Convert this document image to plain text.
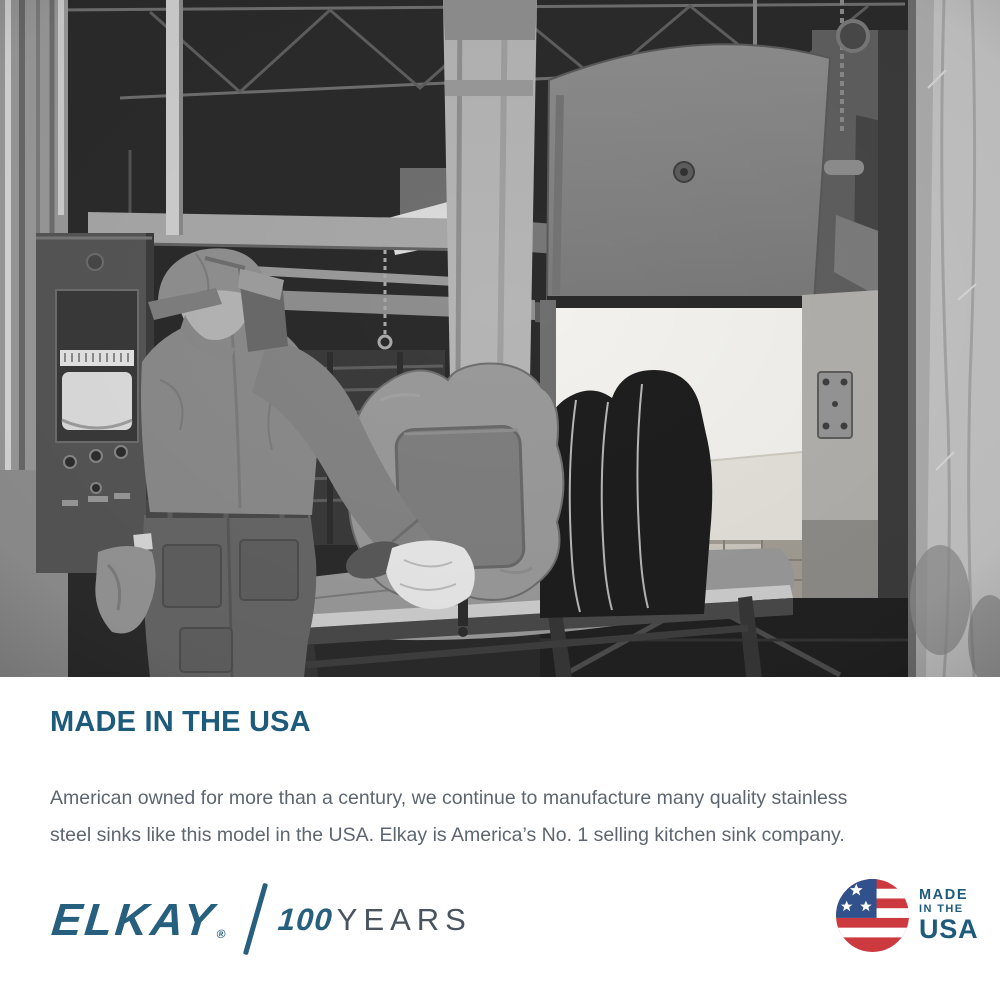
MADE IN THE USA
American owned for more than a century, we continue to manufacture many quality stainless
steel sinks like this model in the USA. Elkay is America’s No. 1 selling kitchen sink company.
ELKAY
® 100 YEARS
MADE
IN THE
USA
